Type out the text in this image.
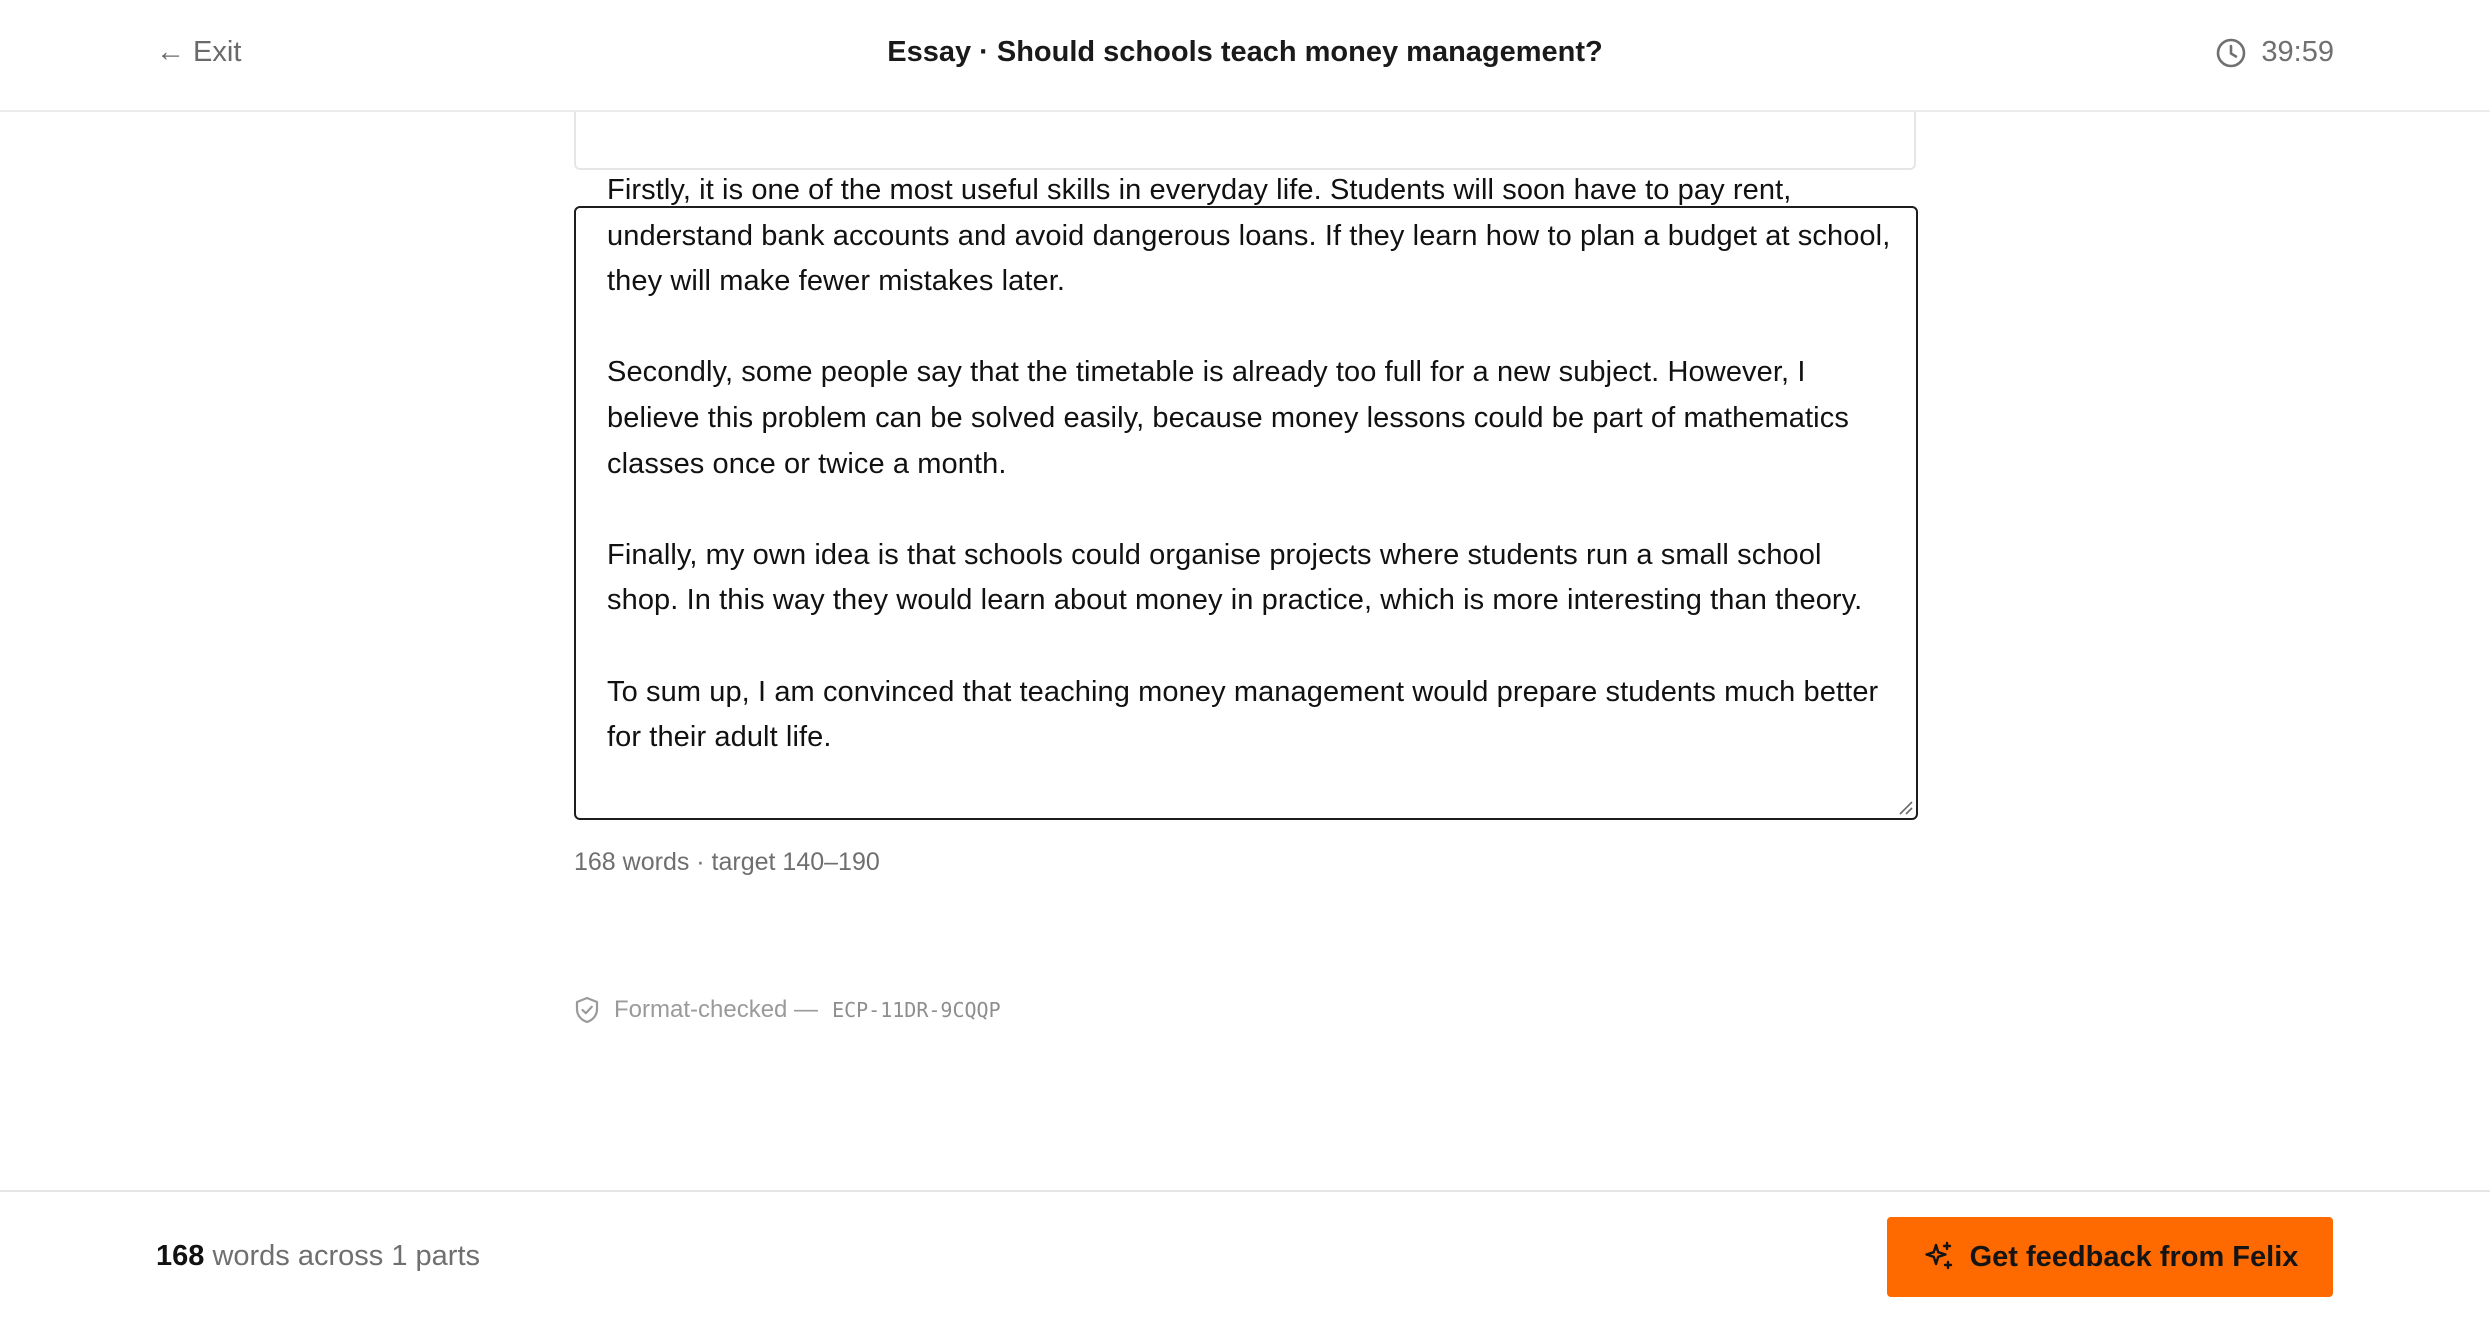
Firstly, it is one of the most useful skills in everyday life. Students will soon have to pay rent, understand bank accounts and avoid dangerous loans. If they learn how to plan a budget at school, they will make fewer mistakes later.
Secondly, some people say that the timetable is already too full for a new subject. However, I believe this problem can be solved easily, because money lessons could be part of mathematics classes once or twice a month.
Finally, my own idea is that schools could organise projects where students run a small school shop. In this way they would learn about money in practice, which is more interesting than theory.
To sum up, I am convinced that teaching money management would prepare students much better for their adult life.
168 words · target 140–190
Format-checked — ECP-11DR-9CQQP
← Exit	Essay · Should schools teach money management?	39:59
168 words across 1 parts	Get feedback from Felix
